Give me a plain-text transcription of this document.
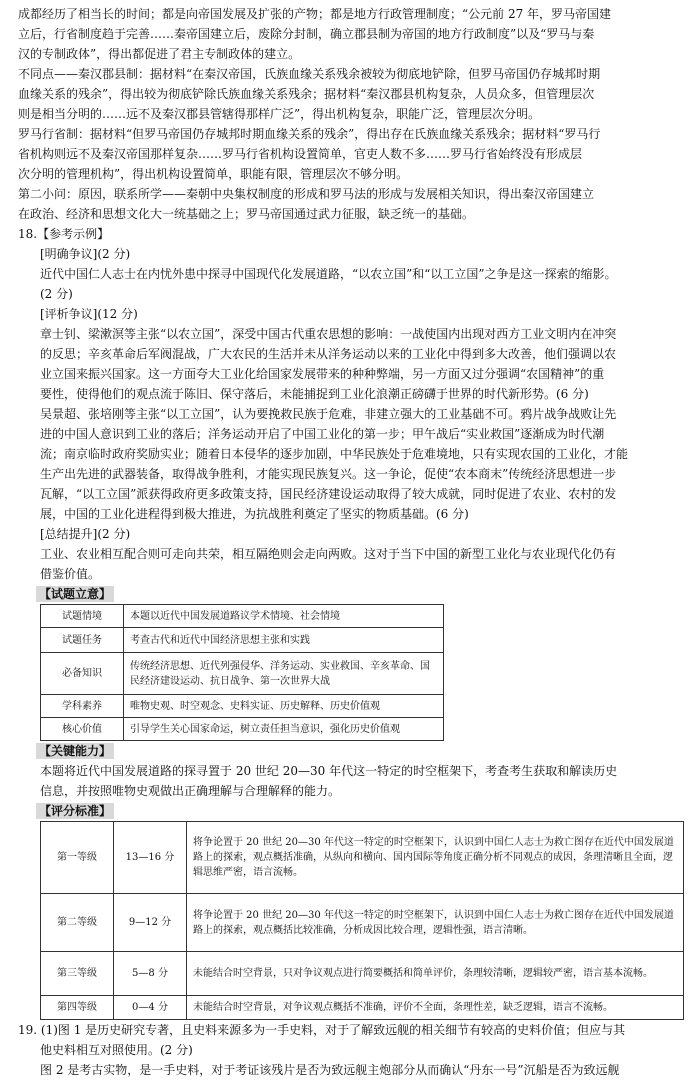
成都经历了相当长的时间；都是向帝国发展及扩张的产物；都是地方行政管理制度；“公元前 27 年，罗马帝国建

立后，行省制度趋于完善……秦帝国建立后，废除分封制，确立郡县制为帝国的地方行政制度”以及“罗马与秦

汉的专制政体”，得出都促进了君主专制政体的建立。

不同点——秦汉郡县制：据材料“在秦汉帝国，氏族血缘关系残余被较为彻底地铲除，但罗马帝国仍存城邦时期

血缘关系的残余”，得出较为彻底铲除氏族血缘关系残余；据材料“秦汉郡县机构复杂，人员众多，但管理层次

则是相当分明的……远不及秦汉郡县管辖得那样广泛”，得出机构复杂，职能广泛，管理层次分明。

罗马行省制：据材料“但罗马帝国仍存城邦时期血缘关系的残余”，得出存在氏族血缘关系残余；据材料“罗马行

省机构则远不及秦汉帝国那样复杂……罗马行省机构设置简单，官吏人数不多……罗马行省始终没有形成层

次分明的管理机构”，得出机构设置简单，职能有限，管理层次不够分明。

第二小问：原因，联系所学——秦朝中央集权制度的形成和罗马法的形成与发展相关知识，得出秦汉帝国建立

在政治、经济和思想文化大一统基础之上；罗马帝国通过武力征服，缺乏统一的基础。

18.【参考示例】

[明确争议](2 分)

近代中国仁人志士在内忧外患中探寻中国现代化发展道路，“以农立国”和“以工立国”之争是这一探索的缩影。

(2 分)

[评析争议](12 分)

章士钊、梁漱溟等主张“以农立国”，深受中国古代重农思想的影响：一战使国内出现对西方工业文明内在冲突

的反思；辛亥革命后军阀混战，广大农民的生活并未从洋务运动以来的工业化中得到多大改善，他们强调以农

业立国来振兴国家。这一方面夸大工业化给国家发展带来的种种弊端，另一方面又过分强调“农国精神”的重

要性，使得他们的观点流于陈旧、保守落后，未能捕捉到工业化浪潮正磅礴于世界的时代新形势。(6 分)

吴景超、张培刚等主张“以工立国”，认为要挽救民族于危难，非建立强大的工业基础不可。鸦片战争战败让先

进的中国人意识到工业的落后；洋务运动开启了中国工业化的第一步；甲午战后“实业救国”逐渐成为时代潮

流；南京临时政府奖励实业；随着日本侵华的逐步加剧，中华民族处于危难境地，只有实现农国的工业化，才能

生产出先进的武器装备，取得战争胜利，才能实现民族复兴。这一争论，促使“农本商末”传统经济思想进一步

瓦解，“以工立国”派获得政府更多政策支持，国民经济建设运动取得了较大成就，同时促进了农业、农村的发

展，中国的工业化进程得到极大推进，为抗战胜利奠定了坚实的物质基础。(6 分)

[总结提升](2 分)

工业、农业相互配合则可走向共荣，相互隔绝则会走向两败。这对于当下中国的新型工业化与农业现代化仍有

借鉴价值。

【试题立意】
试题情境	本题以近代中国发展道路议学术情境、社会情境
试题任务	考查古代和近代中国经济思想主张和实践
必备知识	传统经济思想、近代列强侵华、洋务运动、实业救国、辛亥革命、国民经济建设运动、抗日战争、第一次世界大战
学科素养	唯物史观、时空观念、史料实证、历史解释、历史价值观
核心价值	引导学生关心国家命运，树立责任担当意识，强化历史价值观
【关键能力】

本题将近代中国发展道路的探寻置于 20 世纪 20—30 年代这一特定的时空框架下，考查考生获取和解读历史

信息，并按照唯物史观做出正确理解与合理解释的能力。

【评分标准】
第一等级	13—16 分	将争论置于 20 世纪 20—30 年代这一特定的时空框架下，认识到中国仁人志士为救亡图存在近代中国发展道路上的探索，观点概括准确，从纵向和横向、国内国际等角度正确分析不同观点的成因，条理清晰且全面，逻辑思维严密，语言流畅。
第二等级	9—12 分	将争论置于 20 世纪 20—30 年代这一特定的时空框架下，认识到中国仁人志士为救亡图存在近代中国发展道路上的探索，观点概括比较准确，分析成因比较合理，逻辑性强，语言清晰。
第三等级	5—8 分	未能结合时空背景，只对争议观点进行简要概括和简单评价，条理较清晰，逻辑较严密，语言基本流畅。
第四等级	0—4 分	未能结合时空背景，对争议观点概括不准确，评价不全面，条理性差，缺乏逻辑，语言不流畅。

19. (1)图 1 是历史研究专著，且史料来源多为一手史料，对于了解致远舰的相关细节有较高的史料价值；但应与其

他史料相互对照使用。(2 分)

图 2 是考古实物，是一手史料，对于考证该残片是否为致远舰主炮部分从而确认“丹东一号”沉船是否为致远舰
